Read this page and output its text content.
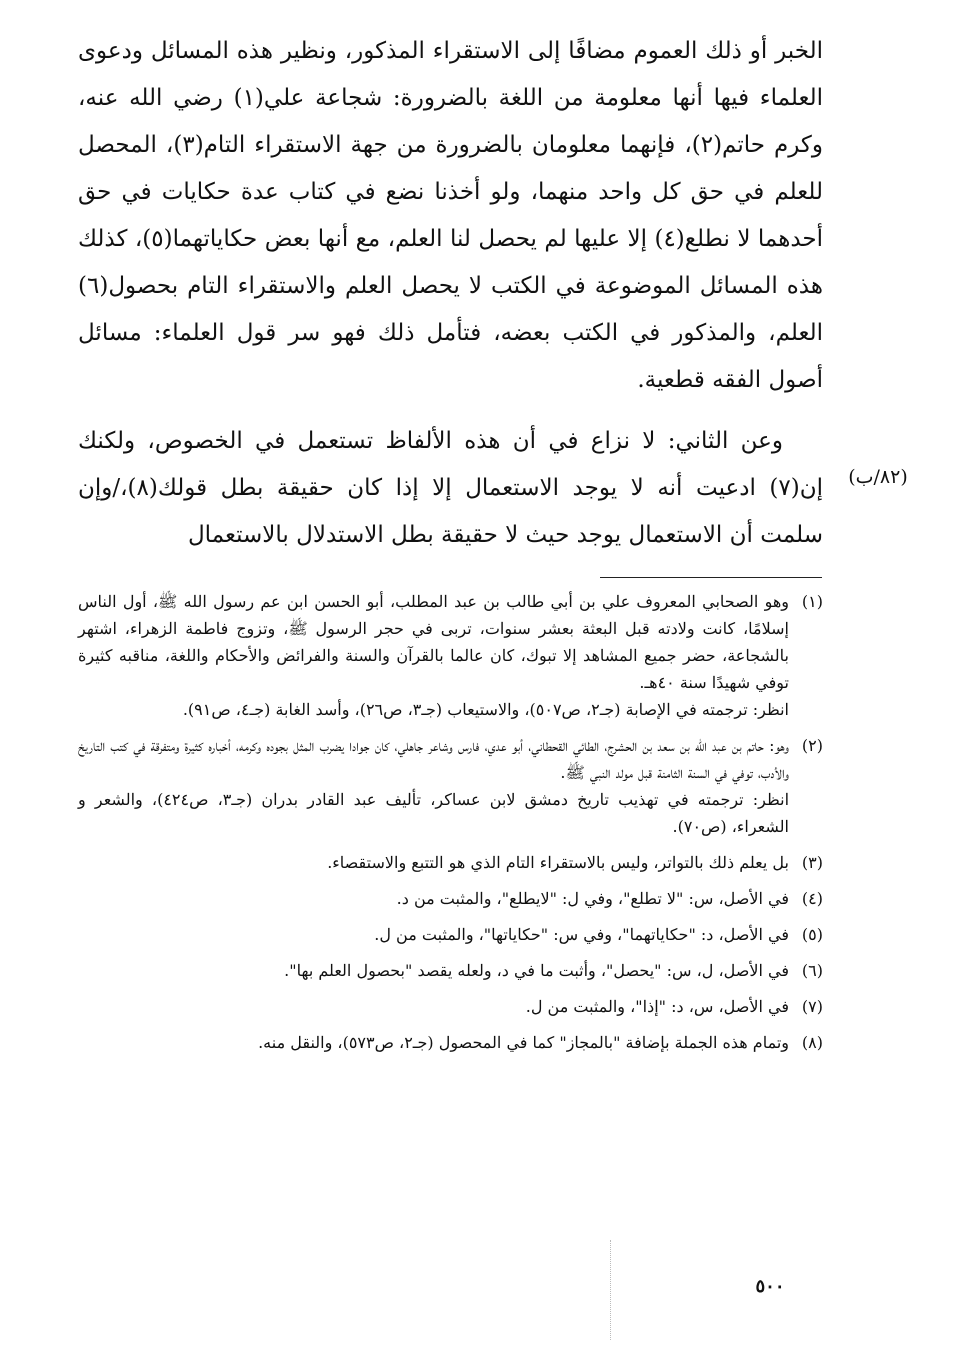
الخبر أو ذلك العموم مضافًا إلى الاستقراء المذكور، ونظير هذه المسائل ودعوى العلماء فيها أنها معلومة من اللغة بالضرورة: شجاعة علي(١) رضي الله عنه، وكرم حاتم(٢)، فإنهما معلومان بالضرورة من جهة الاستقراء التام(٣)، المحصل للعلم في حق كل واحد منهما، ولو أخذنا نضع في كتاب عدة حكايات في حق أحدهما لا نطلع(٤) إلا عليها لم يحصل لنا العلم، مع أنها بعض حكاياتهما(٥)، كذلك هذه المسائل الموضوعة في الكتب لا يحصل العلم والاستقراء التام بحصول(٦) العلم، والمذكور في الكتب بعضه، فتأمل ذلك فهو سر قول العلماء: مسائل أصول الفقه قطعية.

وعن الثاني: لا نزاع في أن هذه الألفاظ تستعمل في الخصوص، ولكنك إن(٧) ادعيت أنه لا يوجد الاستعمال إلا إذا كان حقيقة بطل قولك(٨)،/وإن سلمت أن الاستعمال يوجد حيث لا حقيقة بطل الاستدلال بالاستعمال

(٨٢/ب)
(١)
وهو الصحابي المعروف علي بن أبي طالب بن عبد المطلب، أبو الحسن ابن عم رسول الله ﷺ، أول الناس إسلامًا، كانت ولادته قبل البعثة بعشر سنوات، تربى في حجر الرسول ﷺ، وتزوج فاطمة الزهراء، اشتهر بالشجاعة، حضر جميع المشاهد إلا تبوك، كان عالما بالقرآن والسنة والفرائض والأحكام واللغة، مناقبه كثيرة توفي شهيدًا سنة ٤٠هـ.
انظر: ترجمته في الإصابة (جـ٢، ص٥٠٧)، والاستيعاب (جـ٣، ص٢٦)، وأسد الغابة (جـ٤، ص٩١).
(٢)
وهو: حاتم بن عبد الله بن سعد بن الحشرج، الطائي القحطاني، أبو عدي، فارس وشاعر جاهلي، كان جوادا يضرب المثل بجوده وكرمه، أخباره كثيرة ومتفرقة في كتب التاريخ والأدب، توفي في السنة الثامنة قبل مولد النبي ﷺ.
انظر: ترجمته في تهذيب تاريخ دمشق لابن عساكر، تأليف عبد القادر بدران (جـ٣، ص٤٢٤)، والشعر و الشعراء، (ص٧٠).
(٣)
بل يعلم ذلك بالتواتر، وليس بالاستقراء التام الذي هو التتبع والاستقصاء.
(٤)
في الأصل، س: "لا تطلع"، وفي ل: "لايطلع"، والمثبت من د.
(٥)
في الأصل، د: "حكاياتهما"، وفي س: "حكاياتها"، والمثبت من ل.
(٦)
في الأصل، ل، س: "يحصل"، وأثبت ما في د، ولعله يقصد "بحصول العلم بها".
(٧)
في الأصل، س، د: "إذا"، والمثبت من ل.
(٨)
وتمام هذه الجملة بإضافة "بالمجاز" كما في المحصول (جـ٢، ص٥٧٣)، والنقل منه.
٥٠٠
